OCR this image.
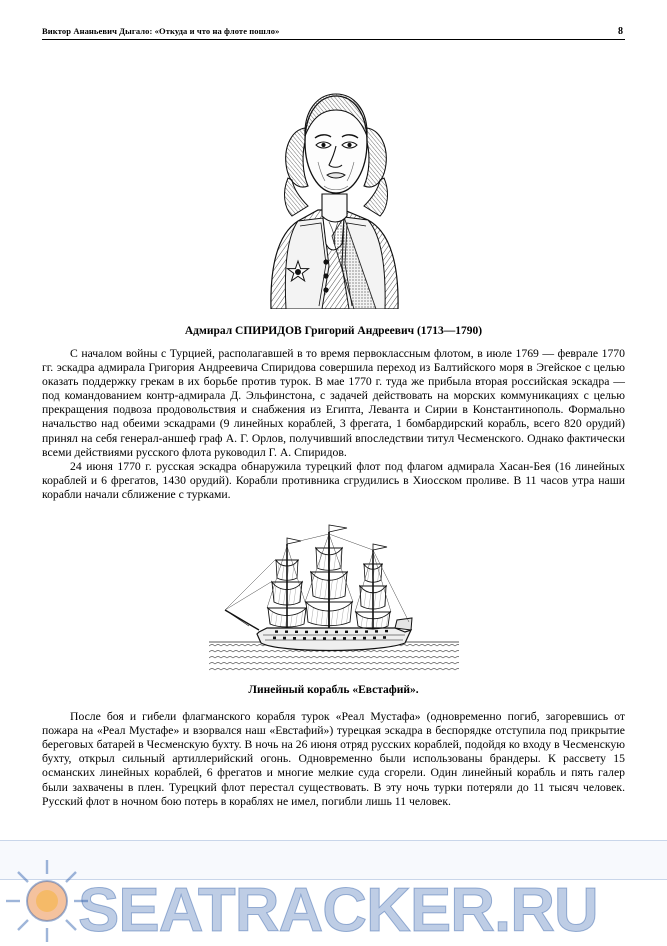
Виктор Ананьевич Дыгало: «Откуда и что на флоте пошло»	8
Адмирал СПИРИДОВ Григорий Андреевич (1713—1790)

С началом войны с Турцией, располагавшей в то время первоклассным флотом, в июле 1769 — феврале 1770 гг. эскадра адмирала Григория Андреевича Спиридова совершила переход из Балтийского моря в Эгейское с целью оказать поддержку грекам в их борьбе против турок. В мае 1770 г. туда же прибыла вторая российская эскадра — под командованием контр-адмирала Д. Эльфинстона, с задачей действовать на морских коммуникациях с целью прекращения подвоза продовольствия и снабжения из Египта, Леванта и Сирии в Константинополь. Формально начальство над обеими эскадрами (9 линейных кораблей, 3 фрегата, 1 бомбардирский корабль, всего 820 орудий) принял на себя генерал-аншеф граф А. Г. Орлов, получивший впоследствии титул Чесменского. Однако фактически всеми действиями русского флота руководил Г. А. Спиридов.

24 июня 1770 г. русская эскадра обнаружила турецкий флот под флагом адмирала Хасан-Бея (16 линейных кораблей и 6 фрегатов, 1430 орудий). Корабли противника сгрудились в Хиосском проливе. В 11 часов утра наши корабли начали сближение с турками.

Линейный корабль «Евстафий».

После боя и гибели флагманского корабля турок «Реал Мустафа» (одновременно погиб, загоревшись от пожара на «Реал Мустафе» и взорвался наш «Евстафий») турецкая эскадра в беспорядке отступила под прикрытие береговых батарей в Чесменскую бухту. В ночь на 26 июня отряд русских кораблей, подойдя ко входу в Чесменскую бухту, открыл сильный артиллерийский огонь. Одновременно были использованы брандеры. К рассвету 15 османских линейных кораблей, 6 фрегатов и многие мелкие суда сгорели. Один линейный корабль и пять галер были захвачены в плен. Турецкий флот перестал существовать. В эту ночь турки потеряли до 11 тысяч человек. Русский флот в ночном бою потерь в кораблях не имел, погибли лишь 11 человек.

SEATRACKER.RU
